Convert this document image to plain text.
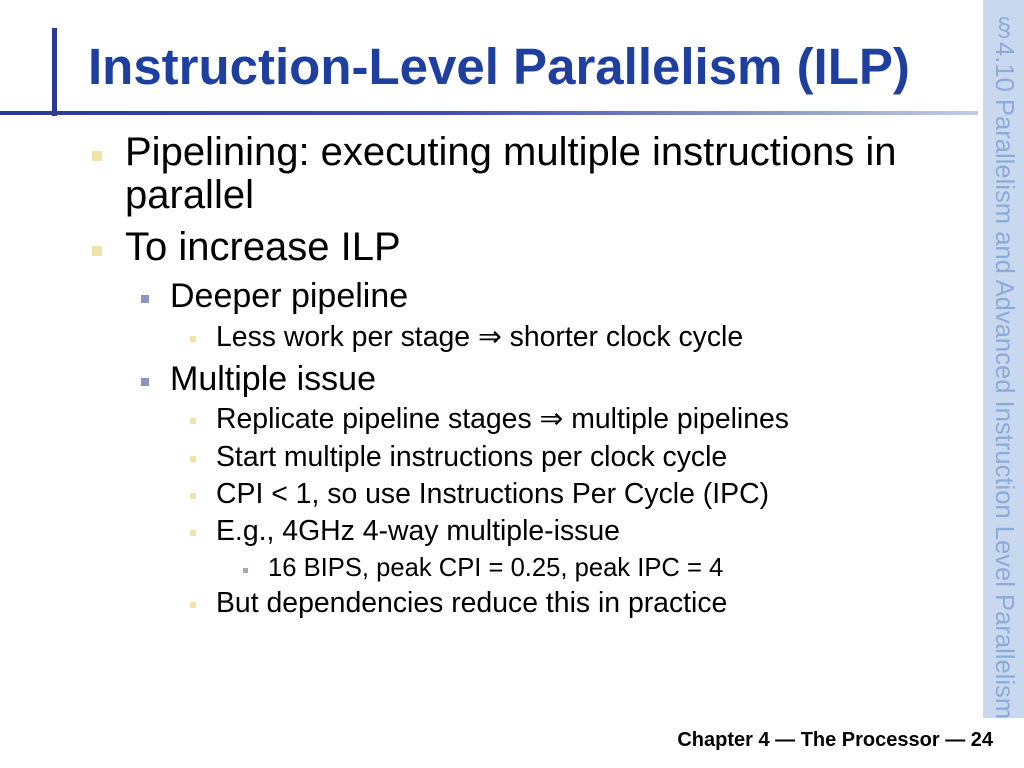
Instruction-Level Parallelism (ILP)
Pipelining: executing multiple instructions in parallel
To increase ILP
Deeper pipeline
Less work per stage ⇒ shorter clock cycle
Multiple issue
Replicate pipeline stages ⇒ multiple pipelines
Start multiple instructions per clock cycle
CPI < 1, so use Instructions Per Cycle (IPC)
E.g., 4GHz 4-way multiple-issue
16 BIPS, peak CPI = 0.25, peak IPC = 4
But dependencies reduce this in practice	§4.10 Parallelism and Advanced Instruction Level Parallelism
Chapter 4 — The Processor — 24
